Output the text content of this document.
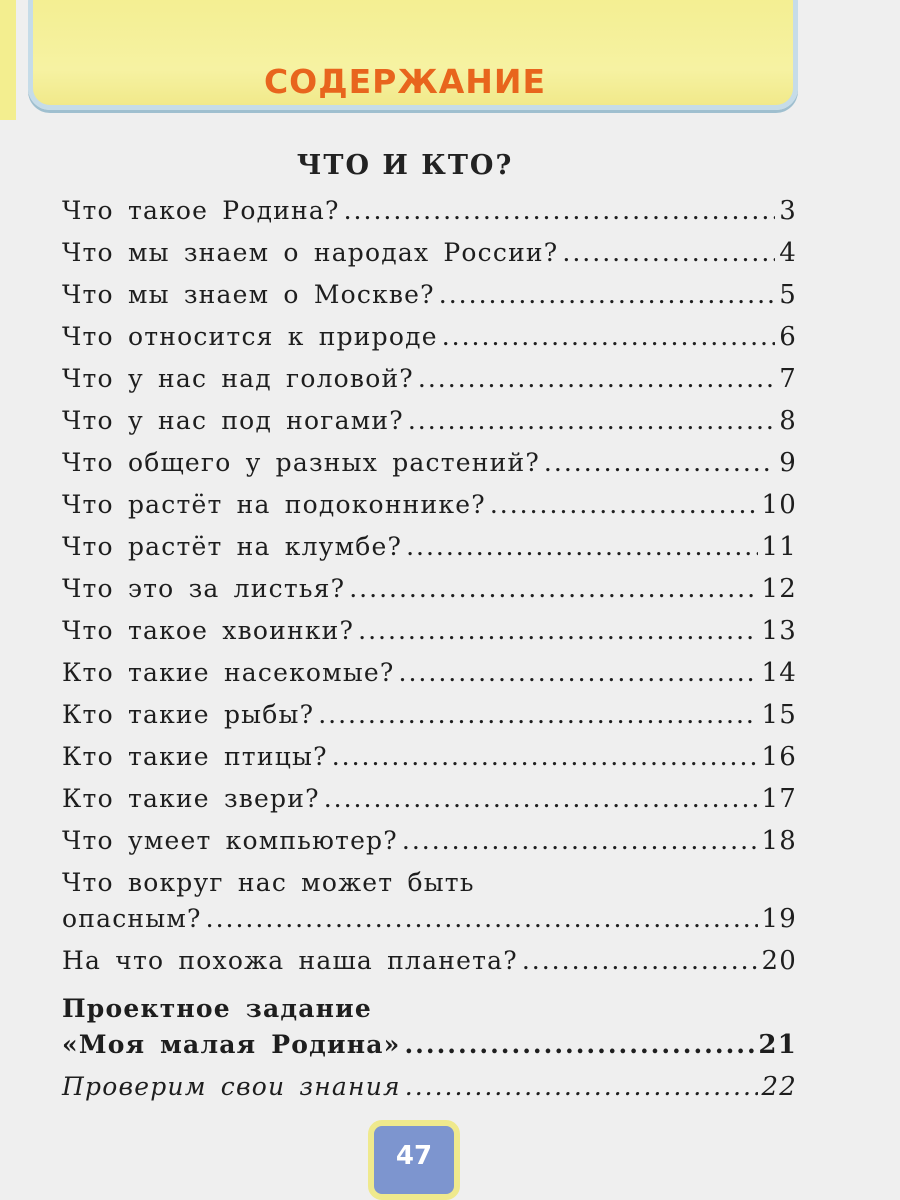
СОДЕРЖАНИЕ
ЧТО И КТО?
Что такое Родина? .....	3
Что мы знаем о народах России? .....	4
Что мы знаем о Москве? .....	5
Что относится к природе .....	6
Что у нас над головой? .....	7
Что у нас под ногами? .....	8
Что общего у разных растений? .....	9
Что растёт на подоконнике? .....	10
Что растёт на клумбе? .....	11
Что это за листья? .....	12
Что такое хвоинки? .....	13
Кто такие насекомые? .....	14
Кто такие рыбы? .....	15
Кто такие птицы? .....	16
Кто такие звери? .....	17
Что умеет компьютер? .....	18
Что вокруг нас может быть
опасным? .....	19
На что похожа наша планета? .....	20
Проектное задание
«Моя малая Родина» .....	21
Проверим свои знания .....	22
47
